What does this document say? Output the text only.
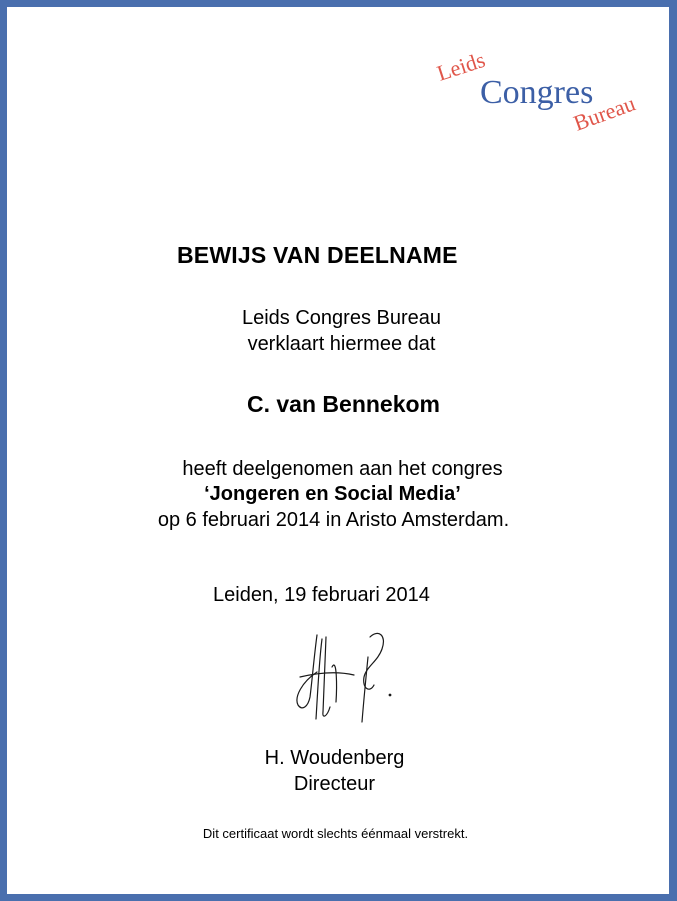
Leids
Congres
Bureau
BEWIJS VAN DEELNAME
Leids Congres Bureau
verklaart hiermee dat
C. van Bennekom
heeft deelgenomen aan het congres
‘Jongeren en Social Media’
op 6 februari 2014 in Aristo Amsterdam.
Leiden, 19 februari 2014
H. Woudenberg
Directeur
Dit certificaat wordt slechts éénmaal verstrekt.
